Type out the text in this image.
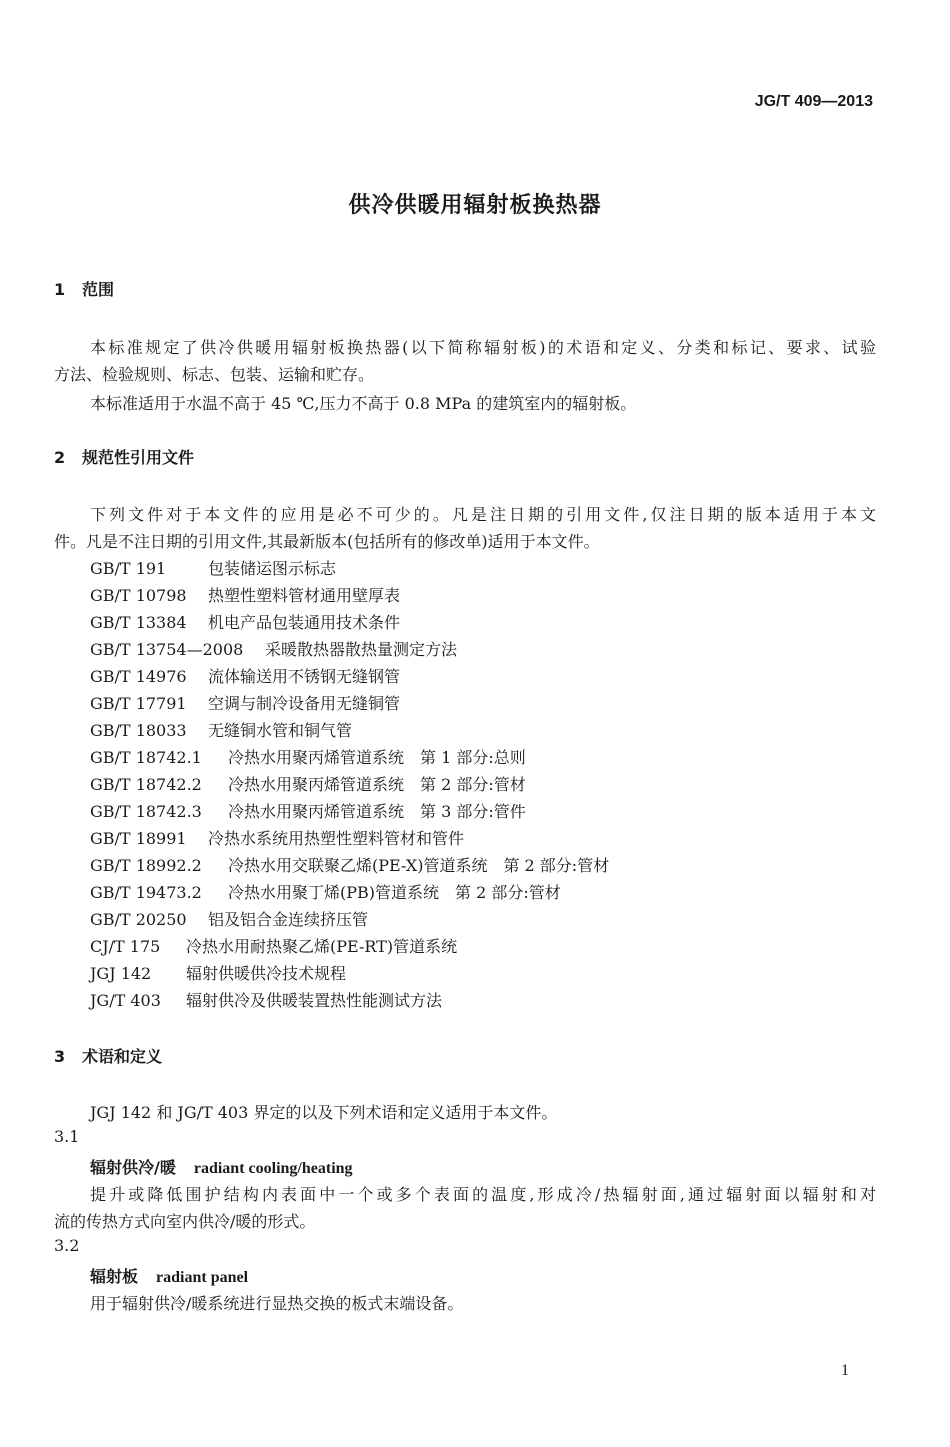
JG/T 409—2013
供冷供暖用辐射板换热器
1 范围
本标准规定了供冷供暖用辐射板换热器(以下简称辐射板)的术语和定义、分类和标记、要求、试验
方法、检验规则、标志、包装、运输和贮存。
本标准适用于水温不高于 45 ℃,压力不高于 0.8 MPa 的建筑室内的辐射板。
2 规范性引用文件
下列文件对于本文件的应用是必不可少的。凡是注日期的引用文件,仅注日期的版本适用于本文
件。凡是不注日期的引用文件,其最新版本(包括所有的修改单)适用于本文件。
GB/T 191	包装储运图示标志
GB/T 10798 热塑性塑料管材通用壁厚表
GB/T 13384 机电产品包装通用技术条件
GB/T 13754—2008 采暖散热器散热量测定方法
GB/T 14976 流体输送用不锈钢无缝钢管
GB/T 17791 空调与制冷设备用无缝铜管
GB/T 18033 无缝铜水管和铜气管
GB/T 18742.1 冷热水用聚丙烯管道系统　第 1 部分:总则
GB/T 18742.2 冷热水用聚丙烯管道系统　第 2 部分:管材
GB/T 18742.3 冷热水用聚丙烯管道系统　第 3 部分:管件
GB/T 18991 冷热水系统用热塑性塑料管材和管件
GB/T 18992.2 冷热水用交联聚乙烯(PE-X)管道系统　第 2 部分:管材
GB/T 19473.2 冷热水用聚丁烯(PB)管道系统　第 2 部分:管材
GB/T 20250 铝及铝合金连续挤压管
CJ/T 175 冷热水用耐热聚乙烯(PE-RT)管道系统
JGJ 142 辐射供暖供冷技术规程
JG/T 403 辐射供冷及供暖装置热性能测试方法
3 术语和定义
JGJ 142 和 JG/T 403 界定的以及下列术语和定义适用于本文件。
3.1
辐射供冷/暖 radiant cooling/heating
提升或降低围护结构内表面中一个或多个表面的温度,形成冷/热辐射面,通过辐射面以辐射和对
流的传热方式向室内供冷/暖的形式。
3.2
辐射板 radiant panel
用于辐射供冷/暖系统进行显热交换的板式末端设备。
1
